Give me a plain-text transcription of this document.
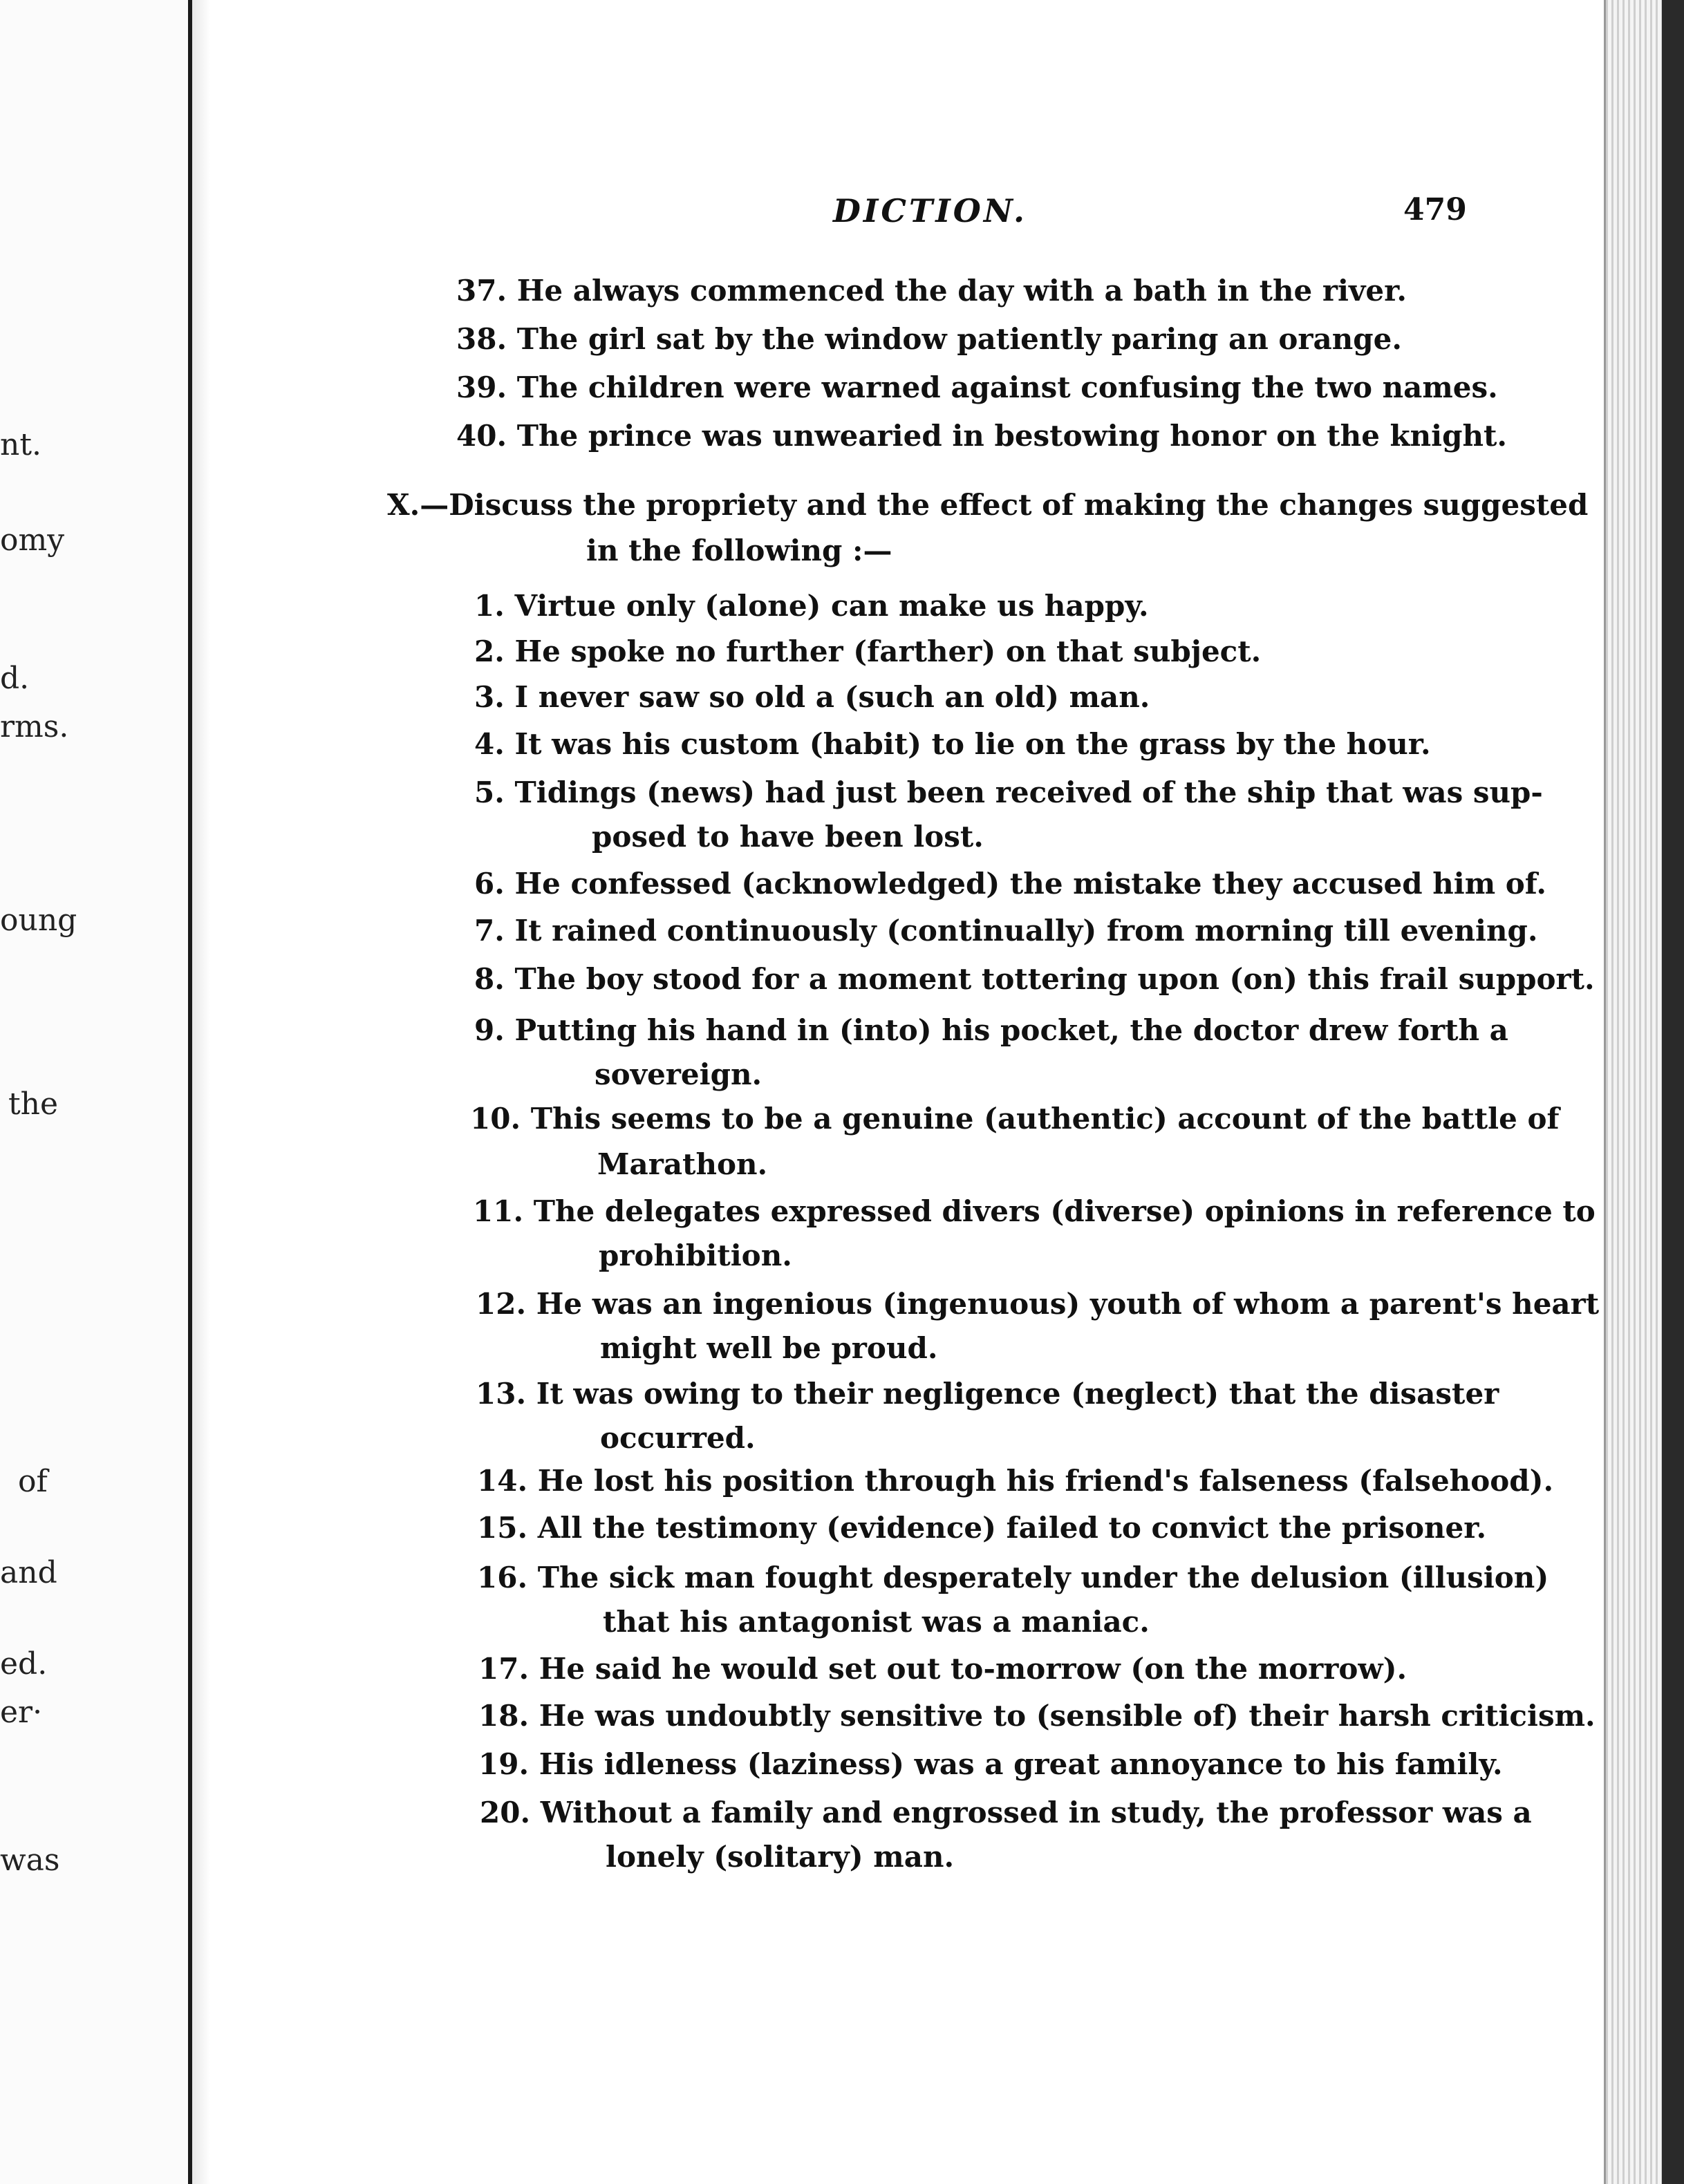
nt.
omy
d.
rms.
oung
the
of
and
ed.
er·
was
DICTION.	479
37. He always commenced the day with a bath in the river.
38. The girl sat by the window patiently paring an orange.
39. The children were warned against confusing the two names.
40. The prince was unwearied in bestowing honor on the knight.
X.—Discuss the propriety and the effect of making the changes suggested
in the following :—
1. Virtue only (alone) can make us happy.
2. He spoke no further (farther) on that subject.
3. I never saw so old a (such an old) man.
4. It was his custom (habit) to lie on the grass by the hour.
5. Tidings (news) had just been received of the ship that was sup-
posed to have been lost.
6. He confessed (acknowledged) the mistake they accused him of.
7. It rained continuously (continually) from morning till evening.
8. The boy stood for a moment tottering upon (on) this frail support.
9. Putting his hand in (into) his pocket, the doctor drew forth a
sovereign.
10. This seems to be a genuine (authentic) account of the battle of
Marathon.
11. The delegates expressed divers (diverse) opinions in reference to
prohibition.
12. He was an ingenious (ingenuous) youth of whom a parent's heart
might well be proud.
13. It was owing to their negligence (neglect) that the disaster
occurred.
14. He lost his position through his friend's falseness (falsehood).
15. All the testimony (evidence) failed to convict the prisoner.
16. The sick man fought desperately under the delusion (illusion)
that his antagonist was a maniac.
17. He said he would set out to-morrow (on the morrow).
18. He was undoubtly sensitive to (sensible of) their harsh criticism.
19. His idleness (laziness) was a great annoyance to his family.
20. Without a family and engrossed in study, the professor was a
lonely (solitary) man.
